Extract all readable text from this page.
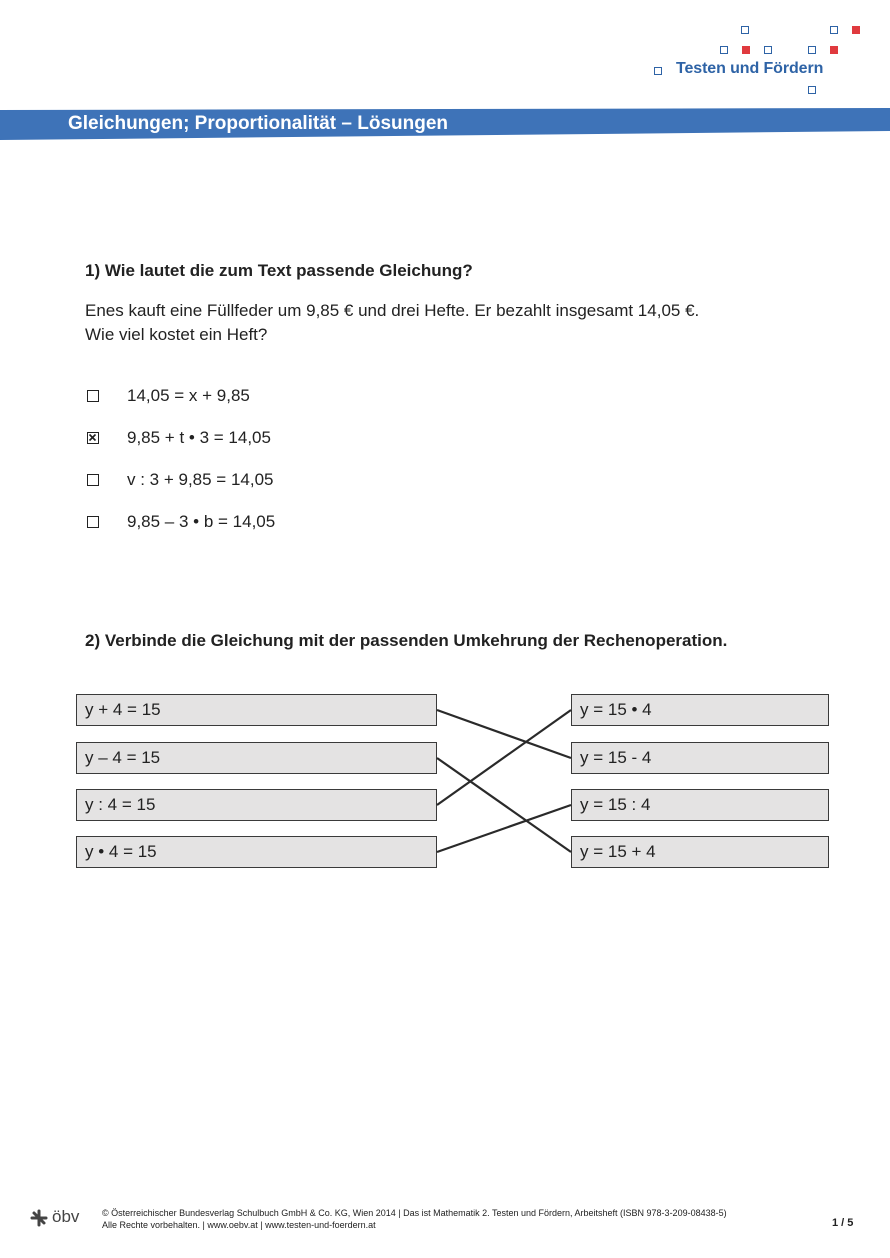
Testen und Fördern
Gleichungen; Proportionalität – Lösungen
1) Wie lautet die zum Text passende Gleichung?
Enes kauft eine Füllfeder um 9,85 € und drei Hefte. Er bezahlt insgesamt 14,05 €.
Wie viel kostet ein Heft?
14,05 = x + 9,85
9,85 + t • 3 = 14,05
v : 3 + 9,85 = 14,05
9,85 – 3 • b = 14,05
2) Verbinde die Gleichung mit der passenden Umkehrung der Rechenoperation.
y + 4 = 15
y – 4 = 15
y : 4 = 15
y • 4 = 15
y = 15 • 4
y = 15 - 4
y = 15 : 4
y = 15 + 4
öbv	© Österreichischer Bundesverlag Schulbuch GmbH & Co. KG, Wien 2014 | Das ist Mathematik 2. Testen und Fördern, Arbeitsheft (ISBN 978-3-209-08438-5)
Alle Rechte vorbehalten. | www.oebv.at | www.testen-und-foerdern.at	1 / 5
